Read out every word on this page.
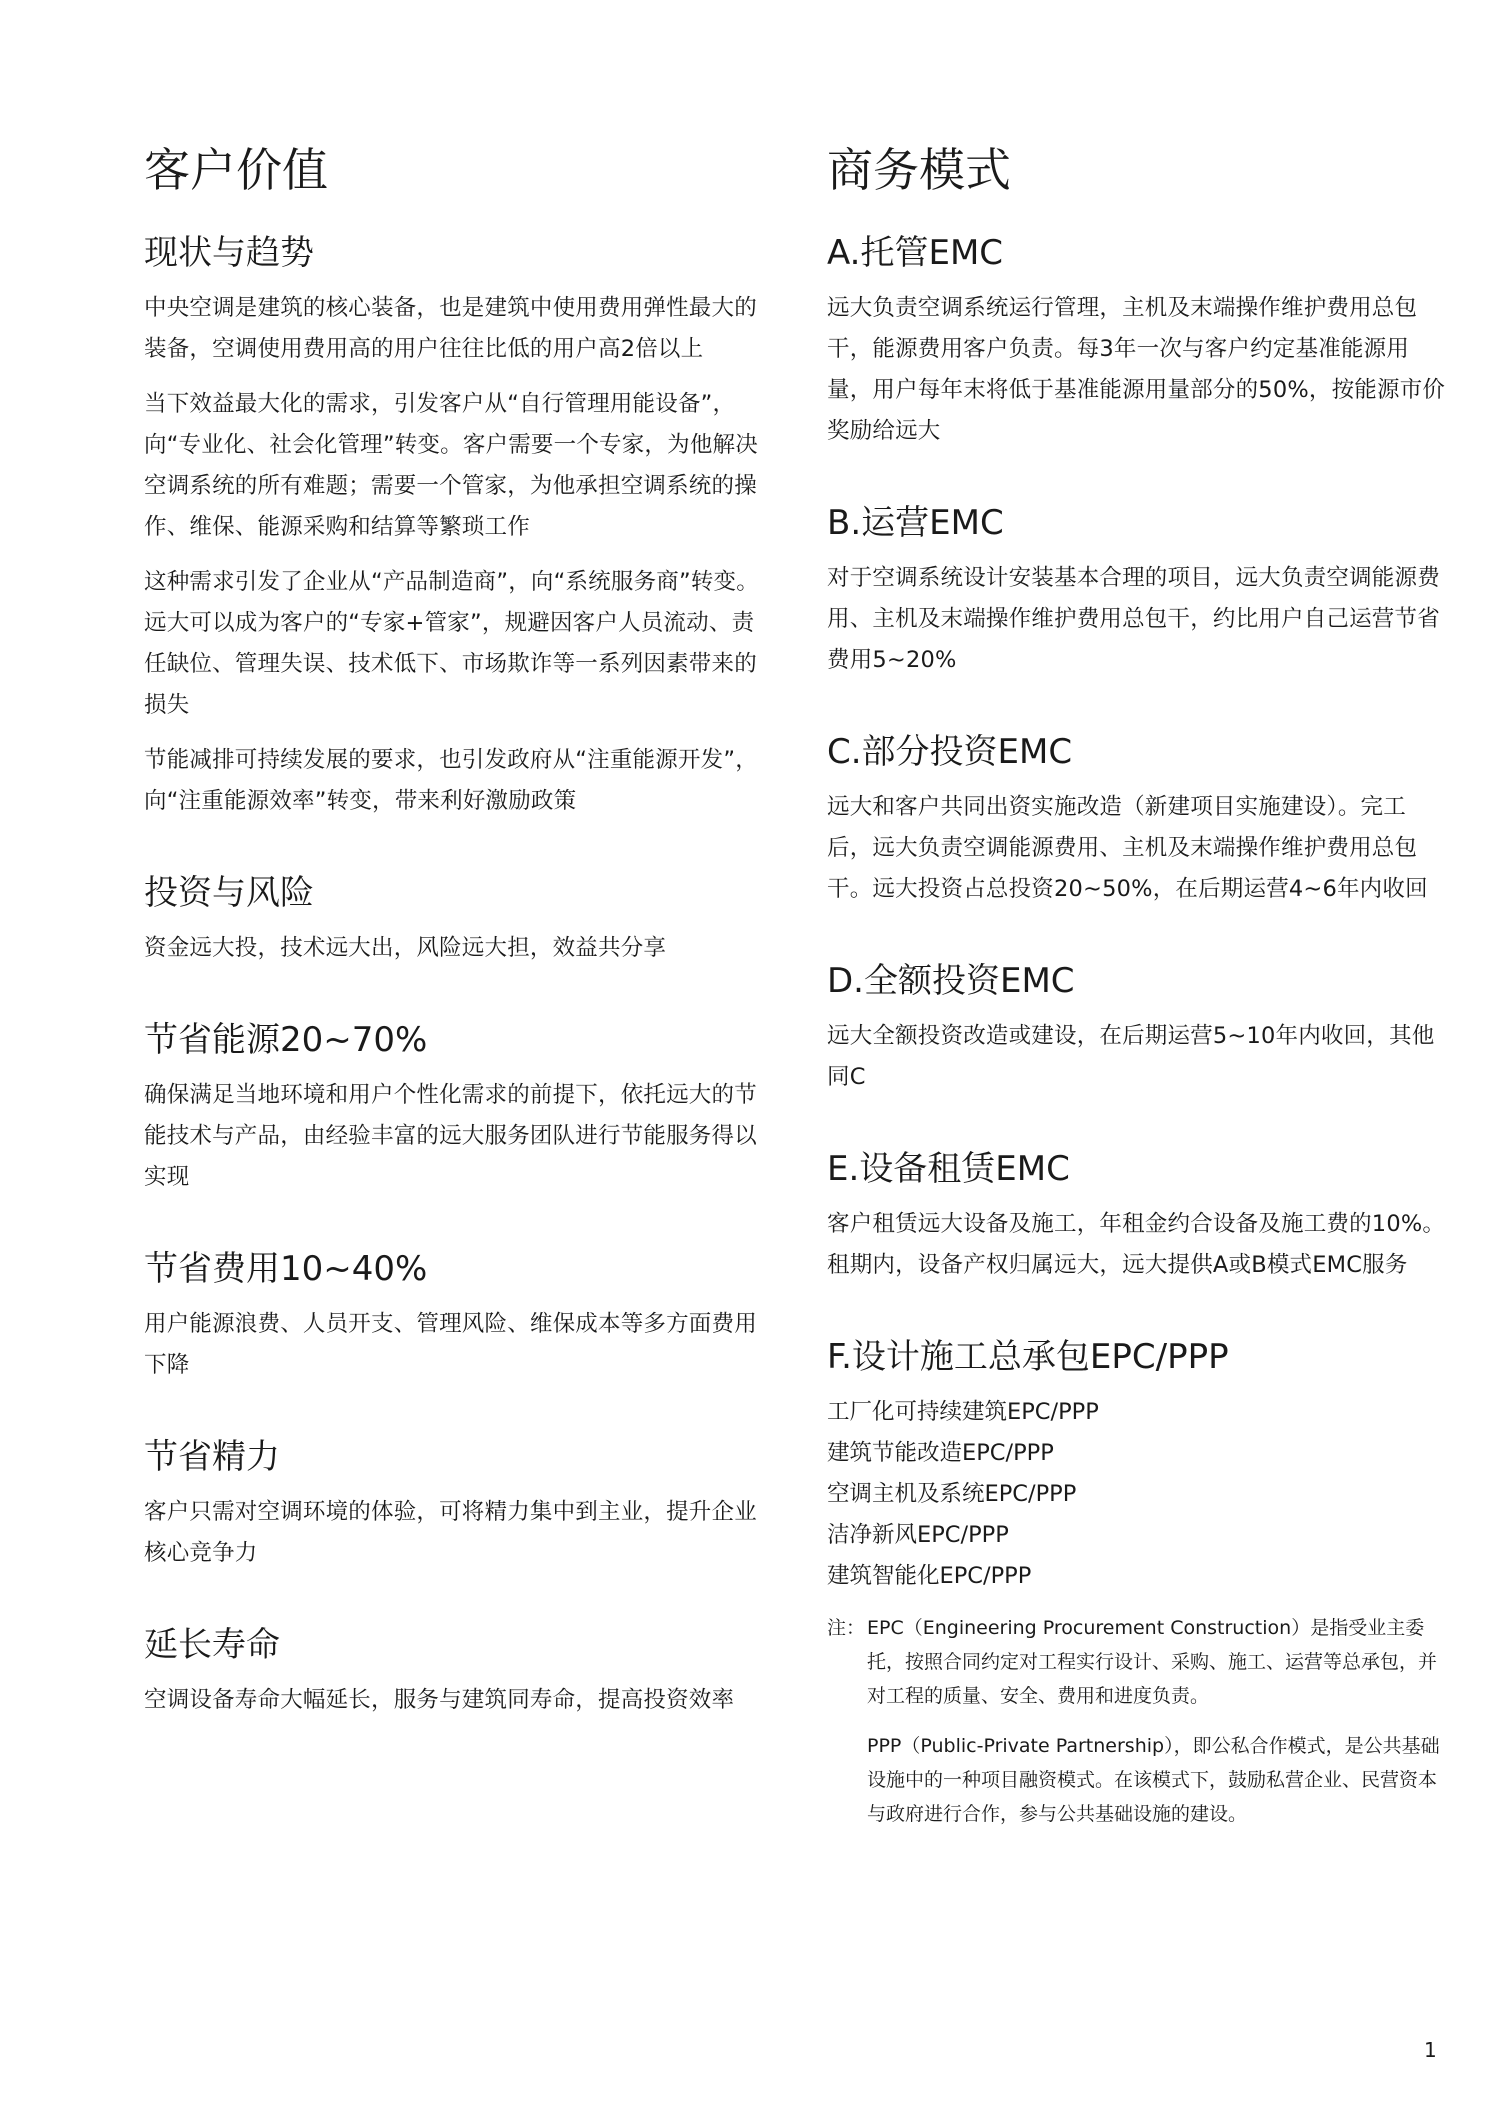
客户价值
现状与趋势

中央空调是建筑的核心装备，也是建筑中使用费用弹性最大的装备，空调使用费用高的用户往往比低的用户高2倍以上

当下效益最大化的需求，引发客户从“自行管理用能设备”，向“专业化、社会化管理”转变。客户需要一个专家，为他解决空调系统的所有难题；需要一个管家，为他承担空调系统的操作、维保、能源采购和结算等繁琐工作

这种需求引发了企业从“产品制造商”，向“系统服务商”转变。远大可以成为客户的“专家+管家”，规避因客户人员流动、责任缺位、管理失误、技术低下、市场欺诈等一系列因素带来的损失

节能减排可持续发展的要求，也引发政府从“注重能源开发”，向“注重能源效率”转变，带来利好激励政策

投资与风险

资金远大投，技术远大出，风险远大担，效益共分享

节省能源20~70%

确保满足当地环境和用户个性化需求的前提下，依托远大的节能技术与产品，由经验丰富的远大服务团队进行节能服务得以实现

节省费用10~40%

用户能源浪费、人员开支、管理风险、维保成本等多方面费用下降

节省精力

客户只需对空调环境的体验，可将精力集中到主业，提升企业核心竞争力

延长寿命

空调设备寿命大幅延长，服务与建筑同寿命，提高投资效率

商务模式
A.托管EMC

远大负责空调系统运行管理，主机及末端操作维护费用总包干，能源费用客户负责。每3年一次与客户约定基准能源用量，用户每年末将低于基准能源用量部分的50%，按能源市价奖励给远大

B.运营EMC

对于空调系统设计安装基本合理的项目，远大负责空调能源费用、主机及末端操作维护费用总包干，约比用户自己运营节省费用5~20%

C.部分投资EMC

远大和客户共同出资实施改造（新建项目实施建设）。完工后，远大负责空调能源费用、主机及末端操作维护费用总包干。远大投资占总投资20~50%，在后期运营4~6年内收回

D.全额投资EMC

远大全额投资改造或建设，在后期运营5~10年内收回，其他同C

E.设备租赁EMC

客户租赁远大设备及施工，年租金约合设备及施工费的10%。租期内，设备产权归属远大，远大提供A或B模式EMC服务

F.设计施工总承包EPC/PPP
工厂化可持续建筑EPC/PPP
建筑节能改造EPC/PPP
空调主机及系统EPC/PPP
洁净新风EPC/PPP
建筑智能化EPC/PPP
注： EPC（Engineering Procurement Construction）是指受业主委托，按照合同约定对工程实行设计、采购、施工、运营等总承包，并对工程的质量、安全、费用和进度负责。
PPP（Public-Private Partnership），即公私合作模式，是公共基础设施中的一种项目融资模式。在该模式下，鼓励私营企业、民营资本与政府进行合作，参与公共基础设施的建设。
1
